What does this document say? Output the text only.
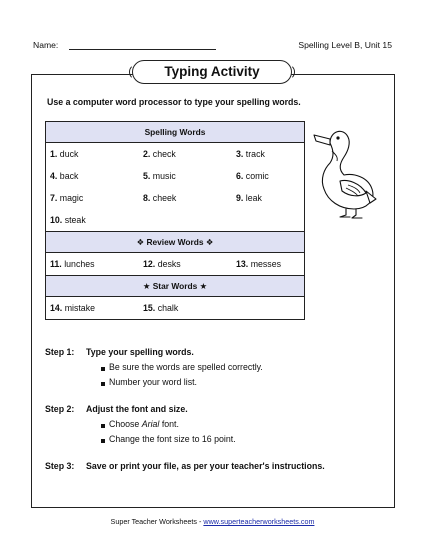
Name:	Spelling Level B, Unit 15
Typing Activity
Use a computer word processor to type your spelling words.
Spelling Words
1. duck	2. check	3. track
4. back	5. music	6. comic
7. magic	8. cheek	9. leak
10. steak
❖ Review Words ❖
11. lunches	12. desks	13. messes
★ Star Words ★
14. mistake	15. chalk
Step 1: Type your spelling words.
Be sure the words are spelled correctly.
Number your word list.
Step 2: Adjust the font and size.
Choose Arial font.
Change the font size to 16 point.
Step 3: Save or print your file, as per your teacher's instructions.
Super Teacher Worksheets - www.superteacherworksheets.com
